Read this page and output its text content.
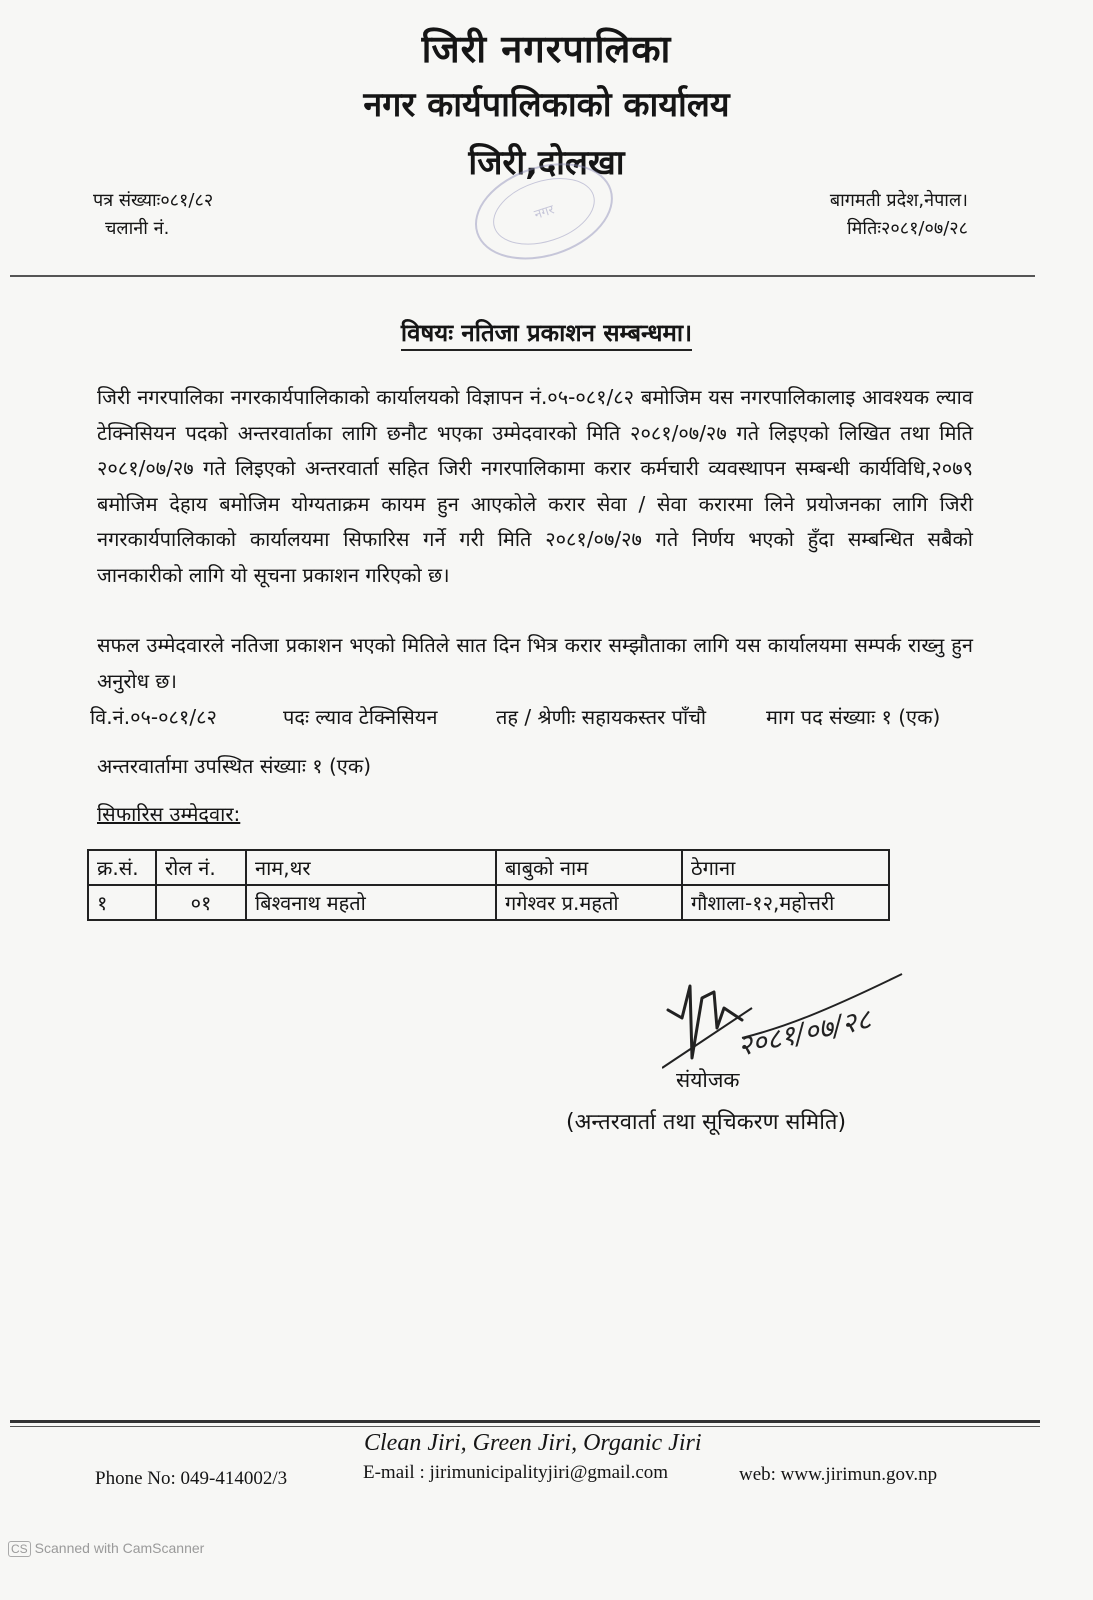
जिरी नगरपालिका
नगर कार्यपालिकाको कार्यालय
जिरी,दोलखा
पत्र संख्याः०८१/८२
चलानी नं.
बागमती प्रदेश,नेपाल।
मितिः२०८१/०७/२८
नगर
विषयः नतिजा प्रकाशन सम्बन्धमा।
जिरी नगरपालिका नगरकार्यपालिकाको कार्यालयको विज्ञापन नं.०५-०८१/८२ बमोजिम यस नगरपालिकालाइ आवश्यक ल्याव टेक्निसियन पदको अन्तरवार्ताका लागि छनौट भएका उम्मेदवारको मिति २०८१/०७/२७ गते लिइएको लिखित तथा मिति २०८१/०७/२७ गते लिइएको अन्तरवार्ता सहित जिरी नगरपालिकामा करार कर्मचारी व्यवस्थापन सम्बन्धी कार्यविधि,२०७९ बमोजिम देहाय बमोजिम योग्यताक्रम कायम हुन आएकोले करार सेवा / सेवा करारमा लिने प्रयोजनका लागि जिरी नगरकार्यपालिकाको कार्यालयमा सिफारिस गर्ने गरी मिति २०८१/०७/२७ गते निर्णय भएको हुँदा सम्बन्धित सबैको जानकारीको लागि यो सूचना प्रकाशन गरिएको छ।
सफल उम्मेदवारले नतिजा प्रकाशन भएको मितिले सात दिन भित्र करार सम्झौताका लागि यस कार्यालयमा सम्पर्क राख्नु हुन अनुरोध छ।
वि.नं.०५-०८१/८२	पदः ल्याव टेक्निसियन	तह / श्रेणीः सहायकस्तर पाँचौ	माग पद संख्याः १ (एक)
अन्तरवार्तामा उपस्थित संख्याः १ (एक)
सिफारिस उम्मेदवार:
क्र.सं.	रोल नं.	नाम,थर	बाबुको नाम	ठेगाना
१	०१	बिश्वनाथ महतो	गगेश्वर प्र.महतो	गौशाला-१२,महोत्तरी
२०८१/०७/२८
संयोजक
(अन्तरवार्ता तथा सूचिकरण समिति)
Clean Jiri, Green Jiri, Organic Jiri
Phone No: 049-414002/3	E-mail : jirimunicipalityjiri@gmail.com	web: www.jirimun.gov.np
CS Scanned with CamScanner
